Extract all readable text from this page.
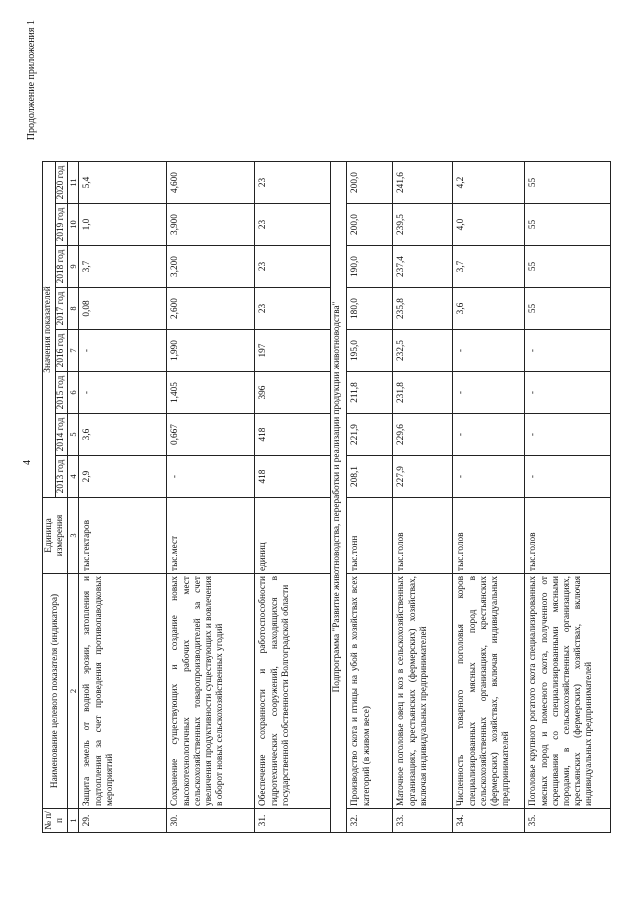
4
Продолжение приложения 1
№ п/п	Наименование целевого показателя (индикатора)	Единица измерения	Значения показателей							
			2013 год	2014 год	2015 год	2016 год	2017 год	2018 год	2019 год	2020 год
1	2	3	4	5	6	7	8	9	10	11
29.	Защита земель от водной эрозии, затопления и подтопления за счет проведения противопаводковых мероприятий	тыс.гектаров	2,9	3,6	-	-	0,08	3,7	1,0	5,4
30.	Сохранение существующих и создание новых высокотехнологичных рабочих мест сельскохозяйственных товаропроизводителей за счет увеличения продуктивности существующих и вовлечения в оборот новых сельскохозяйственных угодий	тыс.мест	-	0,667	1,405	1,990	2,600	3,200	3,900	4,600
31.	Обеспечение сохранности и работоспособности гидротехнических сооружений, находящихся в государственной собственности Волгоградской области	единиц	418	418	396	197	23	23	23	23
Подпрограмма "Развитие животноводства, переработки и реализации продукции животноводства"										
32.	Производство скота и птицы на убой в хозяйствах всех категорий (в живом весе)	тыс.тонн	208,1	221,9	211,8	195,0	180,0	190,0	200,0	200,0
33.	Маточное поголовье овец и коз в сельскохозяйственных организациях, крестьянских (фермерских) хозяйствах, включая индивидуальных предпринимателей	тыс.голов	227,9	229,6	231,8	232,5	235,8	237,4	239,5	241,6
34.	Численность товарного поголовья коров специализированных мясных пород в сельскохозяйственных организациях, крестьянских (фермерских) хозяйствах, включая индивидуальных предпринимателей	тыс.голов	-	-	-	-	3,6	3,7	4,0	4,2
35.	Поголовье крупного рогатого скота специализированных мясных пород и помесного скота, полученного от скрещивания со специализированными мясными породами, в сельскохозяйственных организациях, крестьянских (фермерских) хозяйствах, включая индивидуальных предпринимателей	тыс.голов	-	-	-	-	55	55	55	55
